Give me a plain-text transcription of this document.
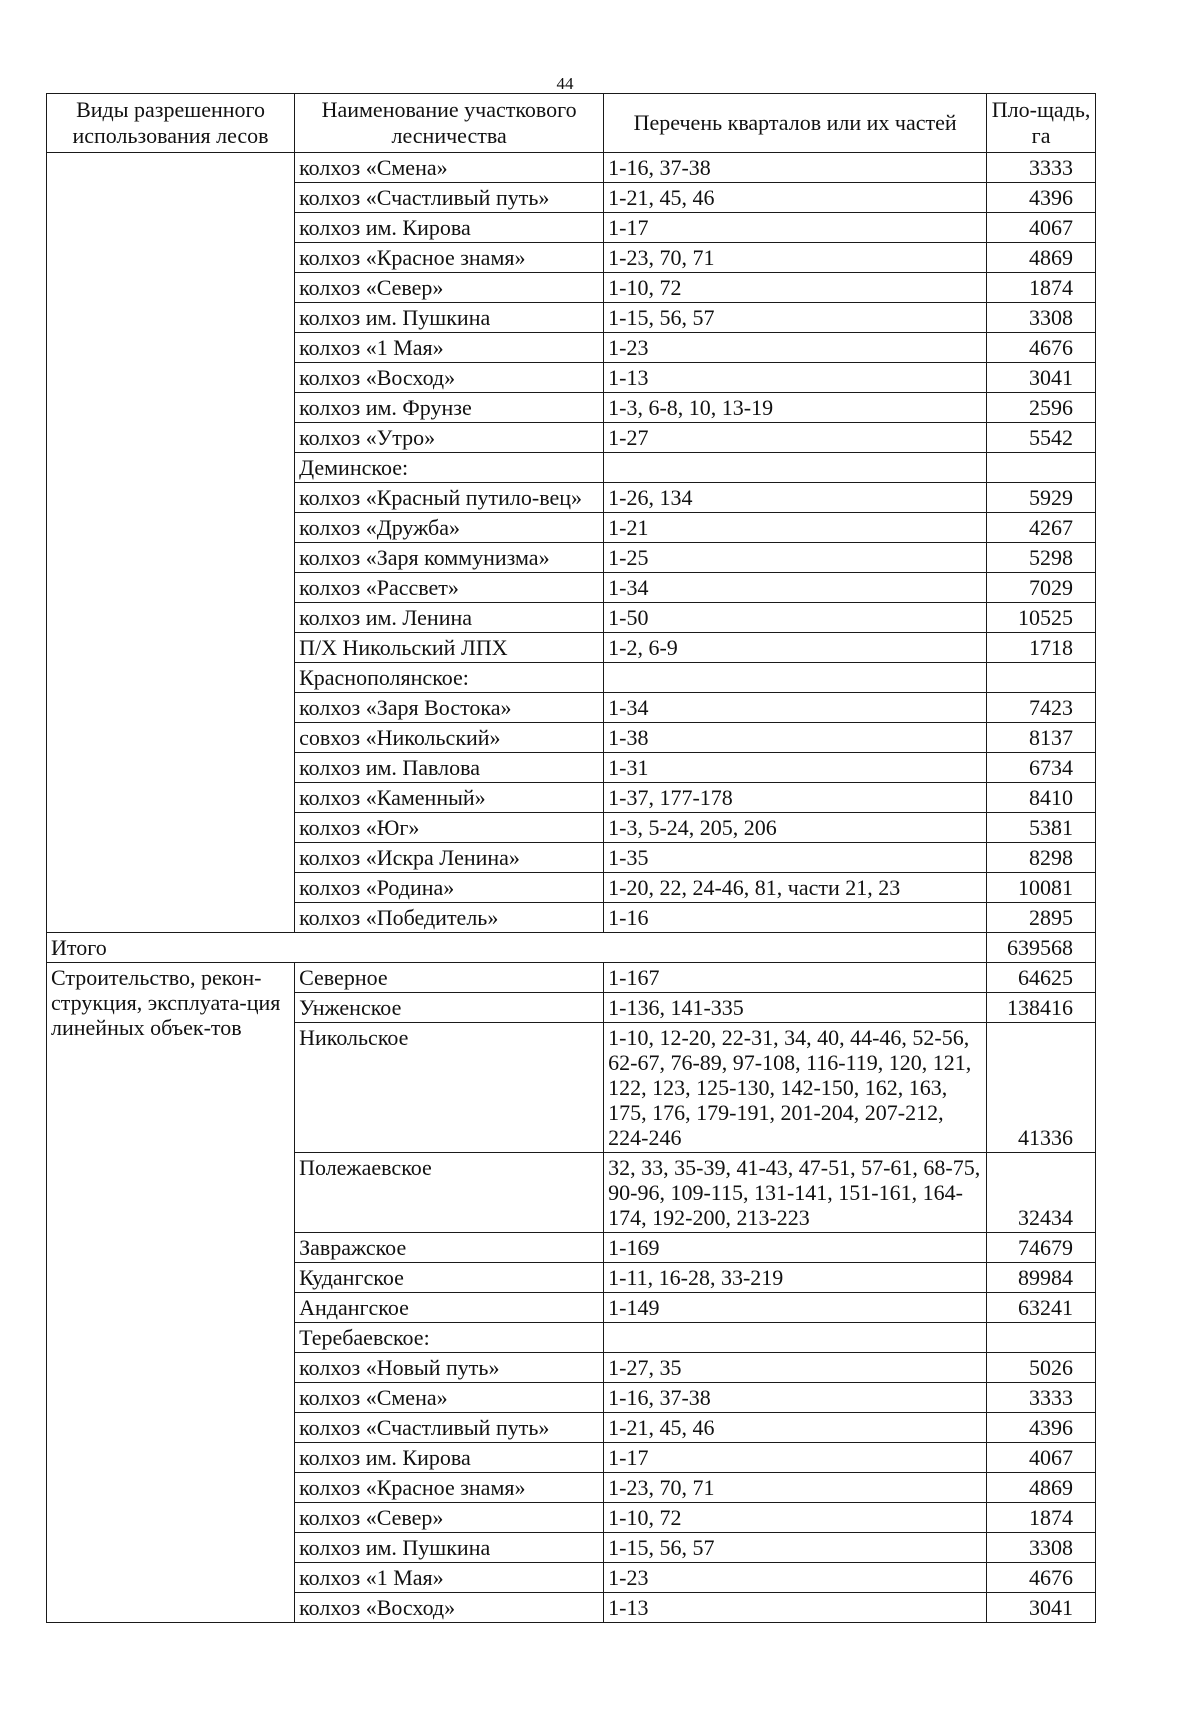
44
Виды разрешенного использования лесов	Наименование участкового лесничества	Перечень кварталов или их частей	Пло-щадь, га
	колхоз «Смена»	1-16, 37-38	3333
	колхоз «Счастливый путь»	1-21, 45, 46	4396
	колхоз им. Кирова	1-17	4067
	колхоз «Красное знамя»	1-23, 70, 71	4869
	колхоз «Север»	1-10, 72	1874
	колхоз им. Пушкина	1-15, 56, 57	3308
	колхоз «1 Мая»	1-23	4676
	колхоз «Восход»	1-13	3041
	колхоз им. Фрунзе	1-3, 6-8, 10, 13-19	2596
	колхоз «Утро»	1-27	5542
	Деминское:		
	колхоз «Красный путило-вец»	1-26, 134	5929
	колхоз «Дружба»	1-21	4267
	колхоз «Заря коммунизма»	1-25	5298
	колхоз «Рассвет»	1-34	7029
	колхоз им. Ленина	1-50	10525
	П/Х Никольский ЛПХ	1-2, 6-9	1718
	Краснополянское:		
	колхоз «Заря Востока»	1-34	7423
	совхоз «Никольский»	1-38	8137
	колхоз им. Павлова	1-31	6734
	колхоз «Каменный»	1-37, 177-178	8410
	колхоз «Юг»	1-3, 5-24, 205, 206	5381
	колхоз «Искра Ленина»	1-35	8298
	колхоз «Родина»	1-20, 22, 24-46, 81, части 21, 23	10081
	колхоз «Победитель»	1-16	2895
Итого			639568
Строительство, рекон-струкция, эксплуата-ция линейных объек-тов	Северное	1-167	64625
	Унженское	1-136, 141-335	138416
	Никольское	1-10, 12-20, 22-31, 34, 40, 44-46, 52-56, 62-67, 76-89, 97-108, 116-119, 120, 121, 122, 123, 125-130, 142-150, 162, 163, 175, 176, 179-191, 201-204, 207-212, 224-246	41336
	Полежаевское	32, 33, 35-39, 41-43, 47-51, 57-61, 68-75, 90-96, 109-115, 131-141, 151-161, 164-174, 192-200, 213-223	32434
	Завражское	1-169	74679
	Кудангское	1-11, 16-28, 33-219	89984
	Андангское	1-149	63241
	Теребаевское:		
	колхоз «Новый путь»	1-27, 35	5026
	колхоз «Смена»	1-16, 37-38	3333
	колхоз «Счастливый путь»	1-21, 45, 46	4396
	колхоз им. Кирова	1-17	4067
	колхоз «Красное знамя»	1-23, 70, 71	4869
	колхоз «Север»	1-10, 72	1874
	колхоз им. Пушкина	1-15, 56, 57	3308
	колхоз «1 Мая»	1-23	4676
	колхоз «Восход»	1-13	3041
